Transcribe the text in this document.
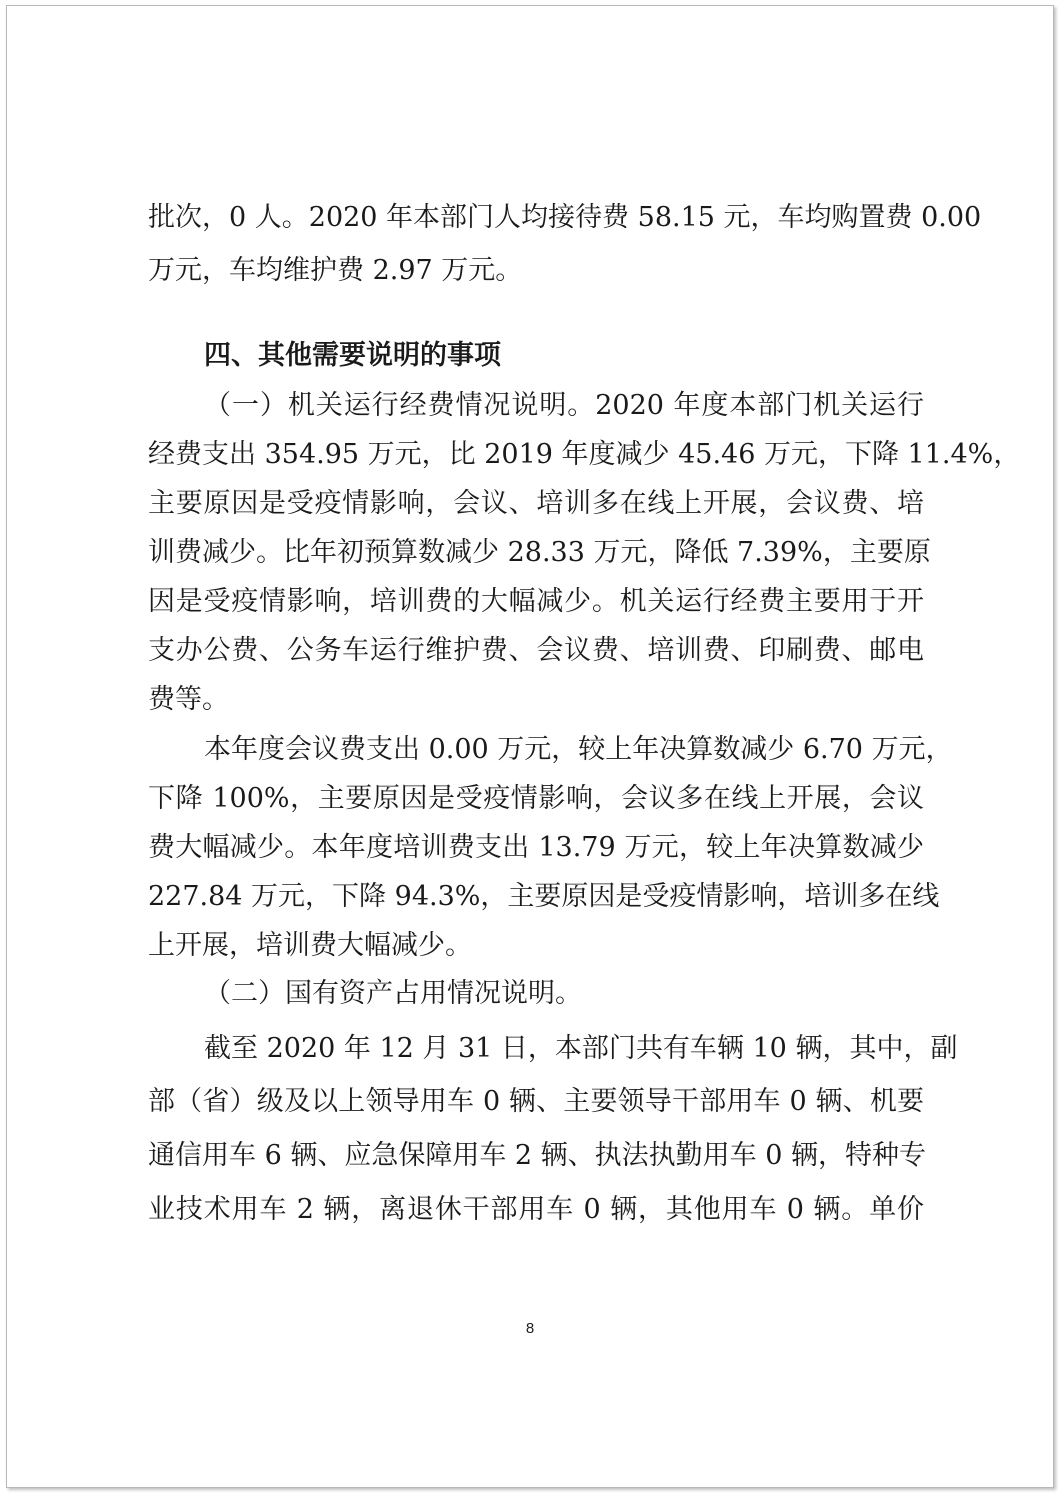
批次，0 人。2020 年本部门人均接待费 58.15 元，车均购置费 0.00
万元，车均维护费 2.97 万元。
四、其他需要说明的事项
（一）机关运行经费情况说明。2020 年度本部门机关运行
经费支出 354.95 万元，比 2019 年度减少 45.46 万元，下降 11.4%，
主要原因是受疫情影响，会议、培训多在线上开展，会议费、培
训费减少。比年初预算数减少 28.33 万元，降低 7.39%，主要原
因是受疫情影响，培训费的大幅减少。机关运行经费主要用于开
支办公费、公务车运行维护费、会议费、培训费、印刷费、邮电
费等。
本年度会议费支出 0.00 万元，较上年决算数减少 6.70 万元，
下降 100%，主要原因是受疫情影响，会议多在线上开展，会议
费大幅减少。本年度培训费支出 13.79 万元，较上年决算数减少
227.84 万元，下降 94.3%，主要原因是受疫情影响，培训多在线
上开展，培训费大幅减少。
（二）国有资产占用情况说明。
截至 2020 年 12 月 31 日，本部门共有车辆 10 辆，其中，副
部（省）级及以上领导用车 0 辆、主要领导干部用车 0 辆、机要
通信用车 6 辆、应急保障用车 2 辆、执法执勤用车 0 辆，特种专
业技术用车 2 辆，离退休干部用车 0 辆，其他用车 0 辆。单价
8
